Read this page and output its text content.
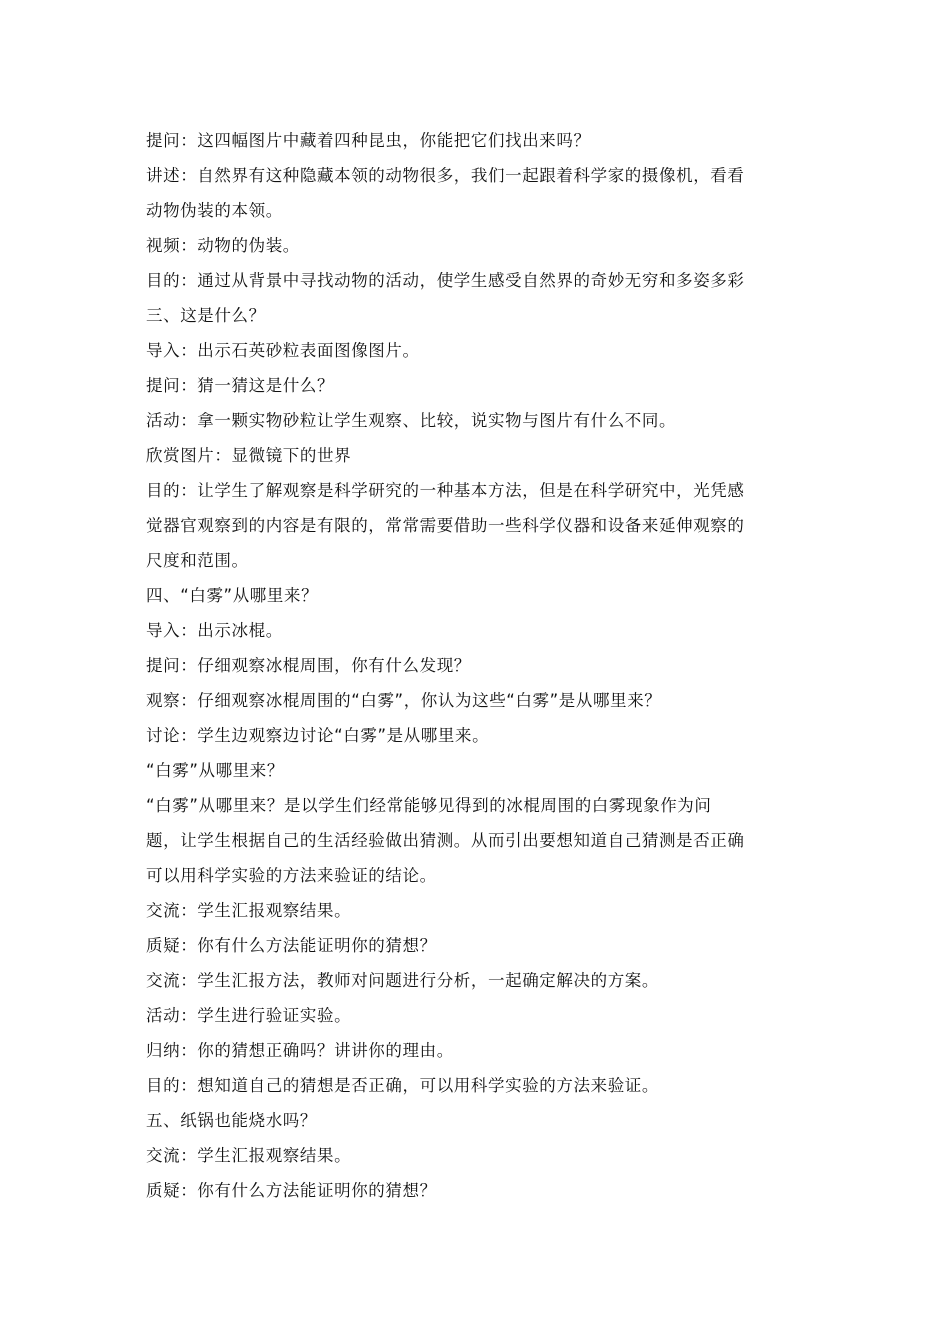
提问：这四幅图片中藏着四种昆虫，你能把它们找出来吗？
讲述：自然界有这种隐藏本领的动物很多，我们一起跟着科学家的摄像机，看看
动物伪装的本领。
视频：动物的伪装。
目的：通过从背景中寻找动物的活动，使学生感受自然界的奇妙无穷和多姿多彩
三、这是什么？
导入：出示石英砂粒表面图像图片。
提问：猜一猜这是什么？
活动：拿一颗实物砂粒让学生观察、比较，说实物与图片有什么不同。
欣赏图片：显微镜下的世界
目的：让学生了解观察是科学研究的一种基本方法，但是在科学研究中，光凭感
觉器官观察到的内容是有限的，常常需要借助一些科学仪器和设备来延伸观察的
尺度和范围。
四、“白雾”从哪里来？
导入：出示冰棍。
提问：仔细观察冰棍周围，你有什么发现？
观察：仔细观察冰棍周围的“白雾”，你认为这些“白雾”是从哪里来？
讨论：学生边观察边讨论“白雾”是从哪里来。
“白雾”从哪里来？
“白雾”从哪里来？是以学生们经常能够见得到的冰棍周围的白雾现象作为问
题，让学生根据自己的生活经验做出猜测。从而引出要想知道自己猜测是否正确
可以用科学实验的方法来验证的结论。
交流：学生汇报观察结果。
质疑：你有什么方法能证明你的猜想？
交流：学生汇报方法，教师对问题进行分析，一起确定解决的方案。
活动：学生进行验证实验。
归纳：你的猜想正确吗？讲讲你的理由。
目的：想知道自己的猜想是否正确，可以用科学实验的方法来验证。
五、纸锅也能烧水吗？
交流：学生汇报观察结果。
质疑：你有什么方法能证明你的猜想？
